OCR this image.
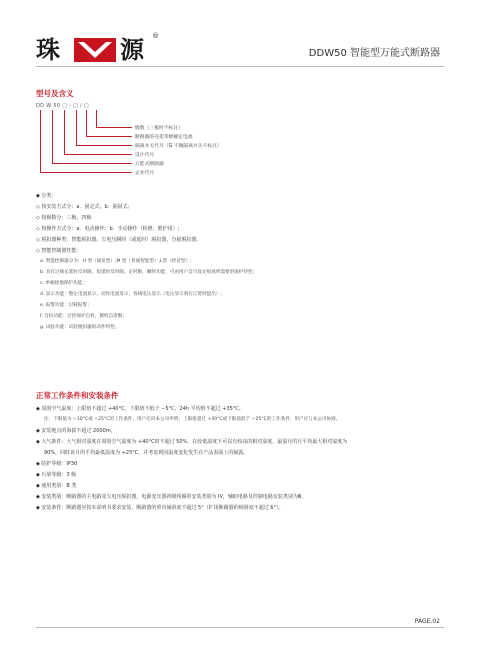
珠	源 ®
DDW50 智能型万能式断路器
型号及含义
DD W 50 □ - □ / □
级数（三极时不标注）
断路器的壳架等级额定电流
隔离并关代号（G 不做隔离并关不标注）
设计代号
万能式断路器
企业代号
◆ 分类:
◇ 按安装方式分：a．固定式；b．抽屉式；
◇ 按极数分：三极、四极
◇ 按操作方式分：a．电动操作；b．手动操作（检修、维护用）;
◇ 脱扣器种类：智能脱扣器、欠电压瞬时（或延时）脱扣器、分励脱扣器。
◇ 智能控制器性能：
a. 智能控制器分为：H 型（通讯型）,M 型（普通智能型）,L型（经济型）;
b. 具有过载长延时反时限，短延时反时限、定时限，瞬时功能，可由用户自行设定组成所需要的保护特性；
c. 单相接地保护功能；
d. 显示功能：整定电流显示，动作电流显示，各线电压显示（电压显示须在订货时提出）;
e. 报警功能：过载报警；
f. 自检功能：过热保护自检，微机自诊断；
g. 试验功能：试验脱扣器的动作特性。
正常工作条件和安装条件
◆ 周围空气温度：上限值不超过 +40°C，下限值不低于 −5°C，24h 平均值不超过 +35°C。
注：下限值为 −10°C或 −25°C的工作条件，用户应向本公司申明；上限值超过 +40°C或下限值低于 −25°C的工作条件，用户应与本公司协商。
◆ 安装地点的海拔不超过 2000m。
◆ 大气条件：大气相对湿度在周围空气温度为 +40°C时不超过 50%，在较低温度下可以有较高的相对湿度，最湿月的月平均最大相对湿度为
90%，同时该月的平均最低温度为 +25°C，并考虑到因温度变化发生在产品表面上的凝露。
◆ 防护等级：IP30
◆ 污染等级：3 级
◆ 使用类别：B 类
◆ 安装类别：断路器的主电路及欠电压脱扣器，电源变压器初级线圈的安装类别为 IV，辅助电路及控制电路安装类别为Ⅲ。
◆ 安装条件：断路器应按本说明书要求安装，断路器的垂直倾斜度不超过 5°（扩用断路器的倾斜度不超过 6°）。
PAGE.02
